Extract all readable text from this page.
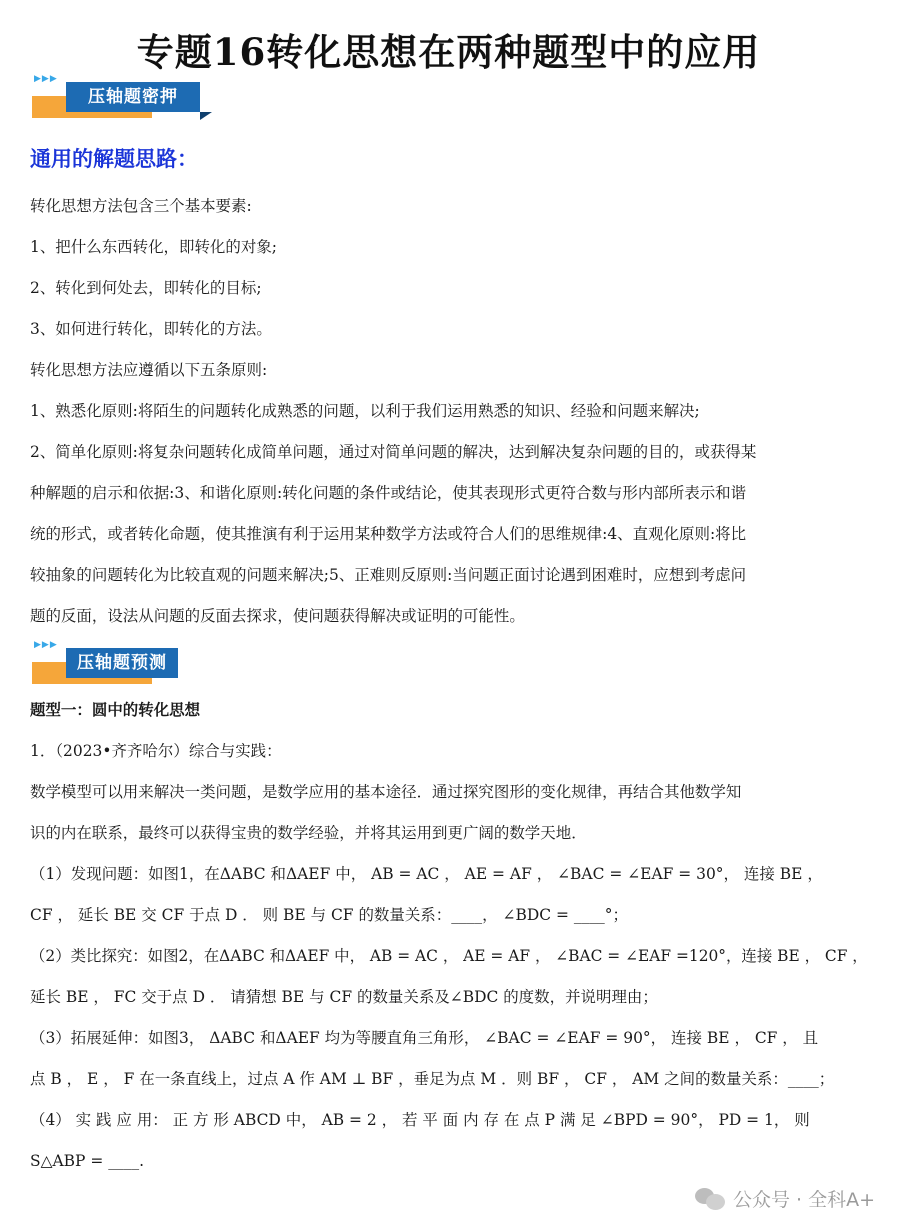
专题16转化思想在两种题型中的应用
▶▶▶
压轴题密押
通用的解题思路：
转化思想方法包含三个基本要素:
1、把什么东西转化，即转化的对象;
2、转化到何处去，即转化的目标;
3、如何进行转化，即转化的方法。
转化思想方法应遵循以下五条原则:
1、熟悉化原则:将陌生的问题转化成熟悉的问题，以利于我们运用熟悉的知识、经验和问题来解决;
2、简单化原则:将复杂问题转化成简单问题，通过对简单问题的解决，达到解决复杂问题的目的，或获得某
种解题的启示和依据:3、和谐化原则:转化问题的条件或结论，使其表现形式更符合数与形内部所表示和谐
统的形式，或者转化命题，使其推演有利于运用某种数学方法或符合人们的思维规律:4、直观化原则:将比
较抽象的问题转化为比较直观的问题来解决;5、正难则反原则:当问题正面讨论遇到困难时，应想到考虑问
题的反面，设法从问题的反面去探求，使问题获得解决或证明的可能性。
▶▶▶
压轴题预测
题型一：圆中的转化思想
1．（2023•齐齐哈尔）综合与实践：
数学模型可以用来解决一类问题，是数学应用的基本途径．通过探究图形的变化规律，再结合其他数学知
识的内在联系，最终可以获得宝贵的数学经验，并将其运用到更广阔的数学天地．
（1）发现问题：如图1，在ΔABC 和ΔAEF 中， AB = AC ， AE = AF ， ∠BAC = ∠EAF = 30°， 连接 BE ，
CF ， 延长 BE 交 CF 于点 D ． 则 BE 与 CF 的数量关系：____， ∠BDC = ____°；
（2）类比探究：如图2，在ΔABC 和ΔAEF 中， AB = AC ， AE = AF ， ∠BAC = ∠EAF =120°，连接 BE ， CF ，
延长 BE ， FC 交于点 D ． 请猜想 BE 与 CF 的数量关系及∠BDC 的度数，并说明理由；
（3）拓展延伸：如图3， ΔABC 和ΔAEF 均为等腰直角三角形， ∠BAC = ∠EAF = 90°， 连接 BE ， CF ， 且
点 B ， E ， F 在一条直线上，过点 A 作 AM ⊥ BF ，垂足为点 M ．则 BF ， CF ， AM 之间的数量关系：____；
（4） 实 践 应 用： 正 方 形 ABCD 中， AB = 2 ， 若 平 面 内 存 在 点 P 满 足 ∠BPD = 90°， PD = 1， 则
S△ABP = ____.
公众号 · 全科A+
